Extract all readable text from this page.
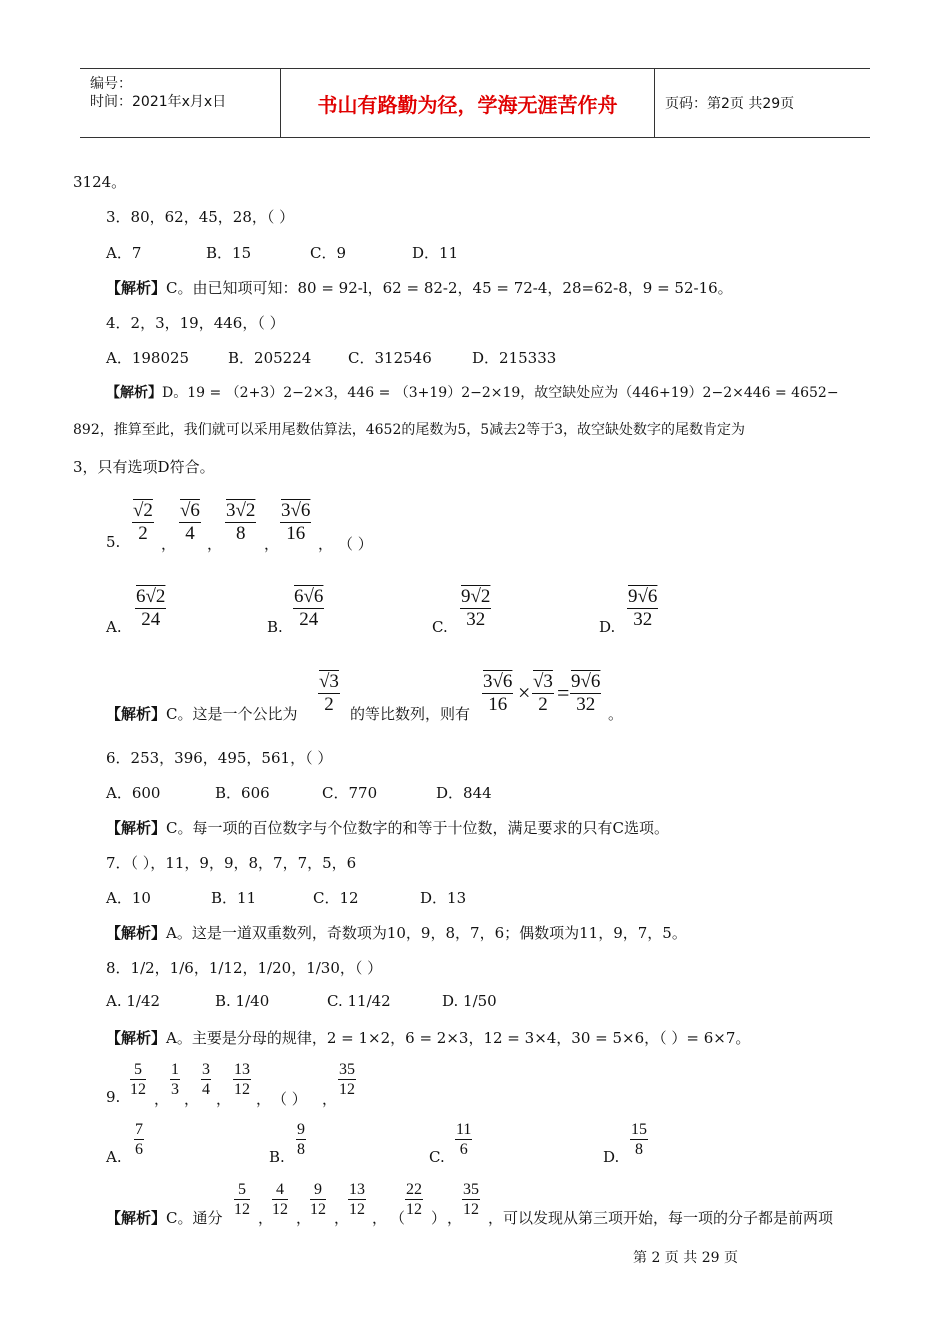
编号：
时间：2021年x月x日	书山有路勤为径，学海无涯苦作舟	页码：第2页 共29页
3124。
3．80，62，45，28，（ ）
A．7	B．15	C．9	D．11
【解析】C。由已知项可知：80 = 92-l，62 = 82-2，45 = 72-4，28=62-8，9 = 52-16。
4．2，3，19，446，（ ）
A．198025	B．205224 C．312546	D．215333
【解析】D。19 = （2+3）2−2×3，446 = （3+19）2−2×19，故空缺处应为（446+19）2−2×446 = 4652−
892，推算至此，我们就可以采用尾数估算法，4652的尾数为5，5减去2等于3，故空缺处数字的尾数肯定为
3，只有选项D符合。
5. $\frac{√2}{2}$ ， $\frac{√6}{4}$ ， $\frac{3√2}{8}$ ， $\frac{3√6}{16}$ ， （ ）
A. $\frac{6√2}{24}$	B. $\frac{6√6}{24}$	C. $\frac{9√2}{32}$	D. $\frac{9√6}{32}$
【解析】C。这是一个公比为 $\frac{√3}{2}$ 的等比数列，则有 $\frac{3√6}{16} \times \frac{√3}{2} = \frac{9√6}{32}$ 。
6．253，396，495，561，（ ）
A．600	B．606	C．770	D．844
【解析】C。每一项的百位数字与个位数字的和等于十位数，满足要求的只有C选项。
7．（ ），11，9，9，8，7，7，5，6
A．10	B．11	C．12	D．13
【解析】A。这是一道双重数列，奇数项为10，9，8，7，6；偶数项为11，9，7，5。
8．1/2，1/6，1/12，1/20，1/30，（ ）
A. 1/42	B. 1/40	C. 11/42	D. 1/50
【解析】A。主要是分母的规律，2 = 1×2，6 = 2×3，12 = 3×4，30 = 5×6，（ ）= 6×7。
9. $\frac{5}{12}$ ， $\frac{1}{3}$ ， $\frac{3}{4}$ ， $\frac{13}{12}$ ， （ ） ， $\frac{35}{12}$
A. $\frac{7}{6}$	B. $\frac{9}{8}$	C. $\frac{11}{6}$	D. $\frac{15}{8}$
【解析】C。通分 $\frac{5}{12}$ ，
$\frac{4}{12}$ ，
$\frac{9}{12}$ ，
$\frac{13}{12}$ ， （ $\frac{22}{12}$ ） ， $\frac{35}{12}$ ，可以发现从第三项开始，每一项的分子都是前两项
第 2 页 共 29 页
